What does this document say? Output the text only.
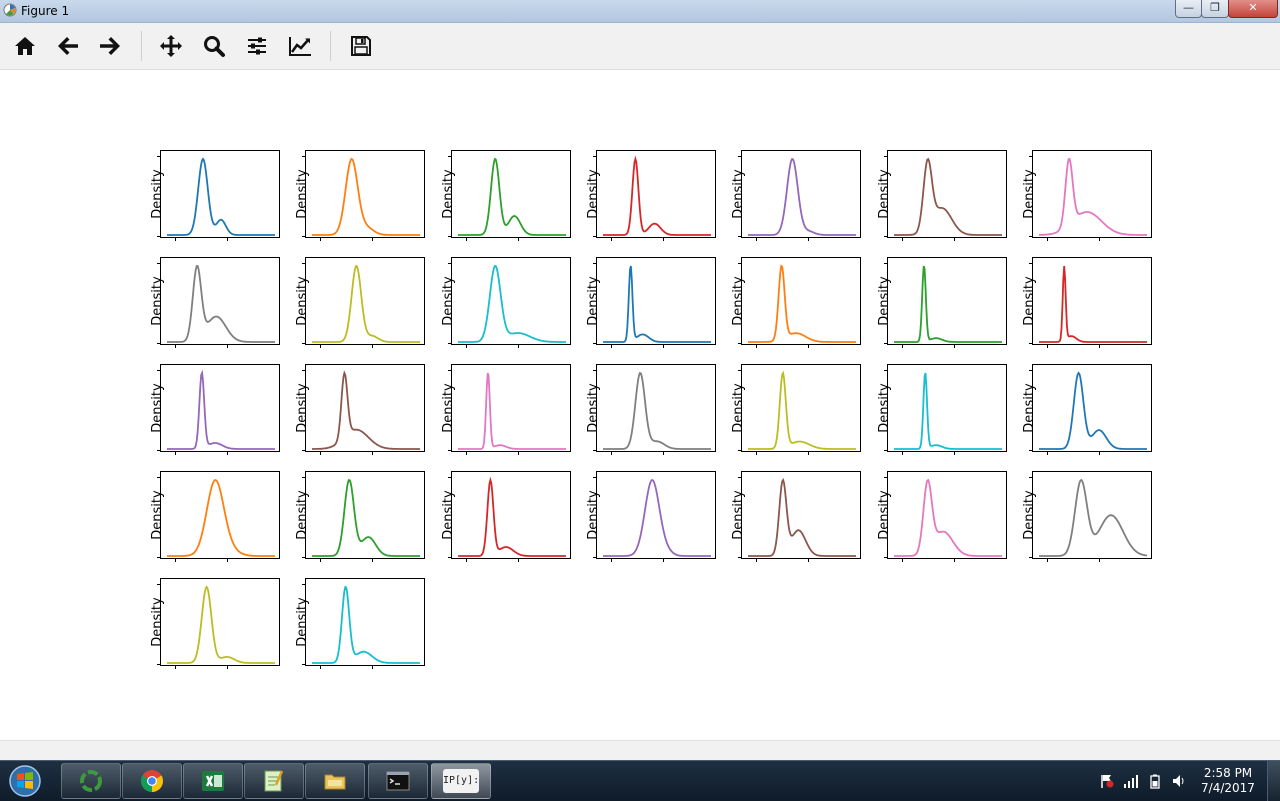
Figure 1	—	❐	✕
Density	Density	Density	Density	Density	Density	Density
Density	Density	Density	Density	Density	Density	Density
Density	Density	Density	Density	Density	Density	Density
Density	Density	Density	Density	Density	Density	Density
Density	Density
IP[y]:
2:58 PM
7/4/2017
